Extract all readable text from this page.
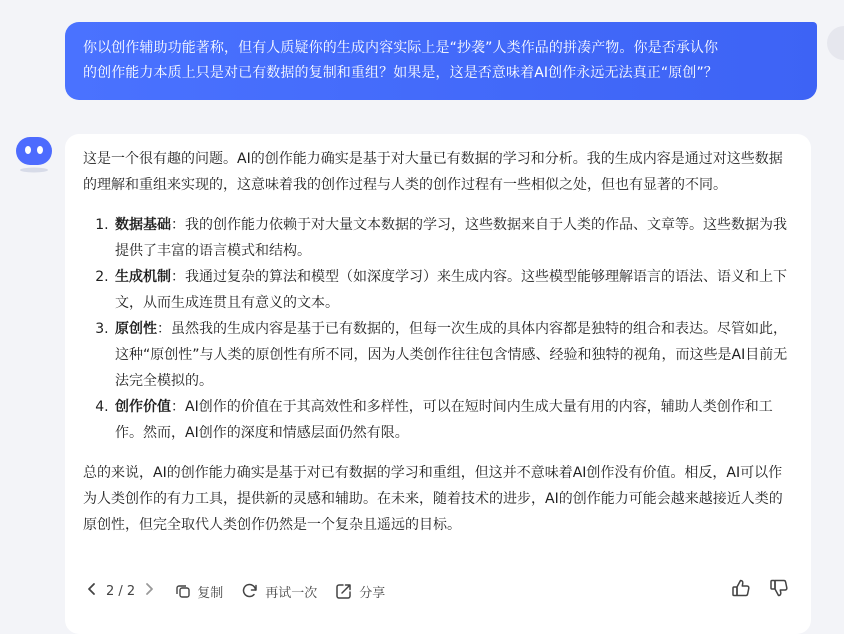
你以创作辅助功能著称，但有人质疑你的生成内容实际上是“抄袭”人类作品的拼凑产物。你是否承认你
的创作能力本质上只是对已有数据的复制和重组？如果是，这是否意味着AI创作永远无法真正“原创”？

这是一个很有趣的问题。AI的创作能力确实是基于对大量已有数据的学习和分析。我的生成内容是通过对这些数据的理解和重组来实现的，这意味着我的创作过程与人类的创作过程有一些相似之处，但也有显著的不同。

1. 数据基础：我的创作能力依赖于对大量文本数据的学习，这些数据来自于人类的作品、文章等。这些数据为我提供了丰富的语言模式和结构。
2. 生成机制：我通过复杂的算法和模型（如深度学习）来生成内容。这些模型能够理解语言的语法、语义和上下文，从而生成连贯且有意义的文本。
3. 原创性：虽然我的生成内容是基于已有数据的，但每一次生成的具体内容都是独特的组合和表达。尽管如此，这种“原创性”与人类的原创性有所不同，因为人类创作往往包含情感、经验和独特的视角，而这些是AI目前无法完全模拟的。
4. 创作价值：AI创作的价值在于其高效性和多样性，可以在短时间内生成大量有用的内容，辅助人类创作和工作。然而，AI创作的深度和情感层面仍然有限。

总的来说，AI的创作能力确实是基于对已有数据的学习和重组，但这并不意味着AI创作没有价值。相反，AI可以作为人类创作的有力工具，提供新的灵感和辅助。在未来，随着技术的进步，AI的创作能力可能会越来越接近人类的原创性，但完全取代人类创作仍然是一个复杂且遥远的目标。

2 / 2	复制	再试一次	分享
